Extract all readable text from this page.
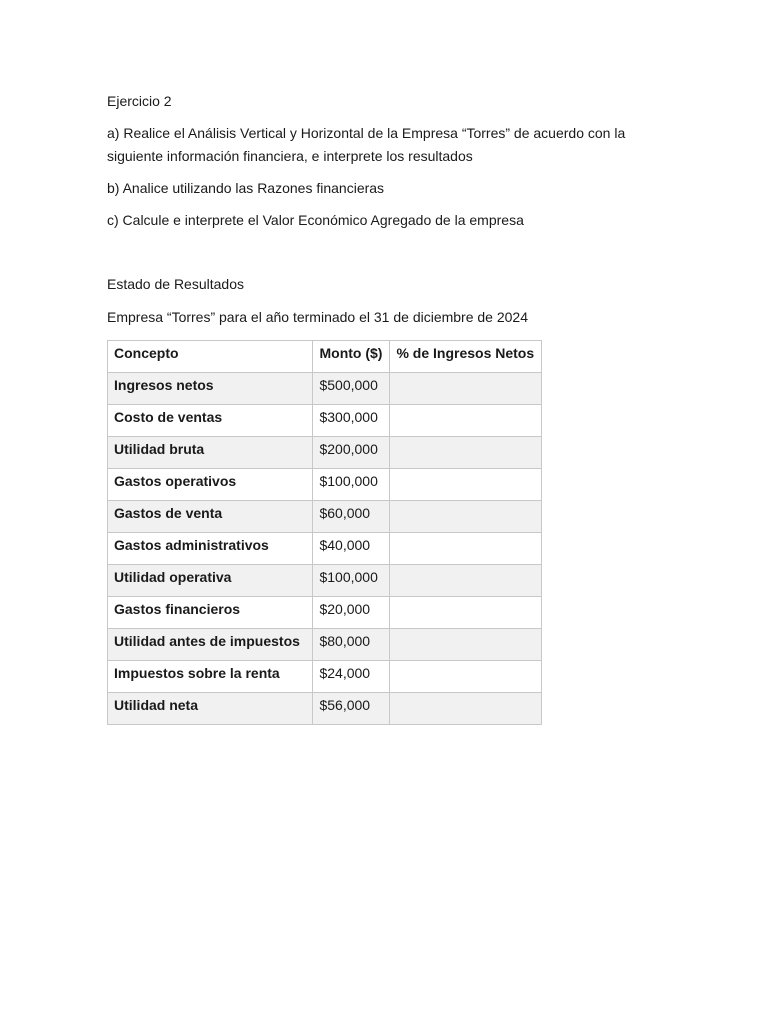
Ejercicio 2

a) Realice el Análisis Vertical y Horizontal de la Empresa “Torres” de acuerdo con la siguiente información financiera, e interprete los resultados

b) Analice utilizando las Razones financieras

c) Calcule e interprete el Valor Económico Agregado de la empresa

Estado de Resultados

Empresa “Torres” para el año terminado el 31 de diciembre de 2024

Concepto	Monto ($)	% de Ingresos Netos
Ingresos netos	$500,000	
Costo de ventas	$300,000	
Utilidad bruta	$200,000	
Gastos operativos	$100,000	
Gastos de venta	$60,000	
Gastos administrativos	$40,000	
Utilidad operativa	$100,000	
Gastos financieros	$20,000	
Utilidad antes de impuestos	$80,000	
Impuestos sobre la renta	$24,000	
Utilidad neta	$56,000	
